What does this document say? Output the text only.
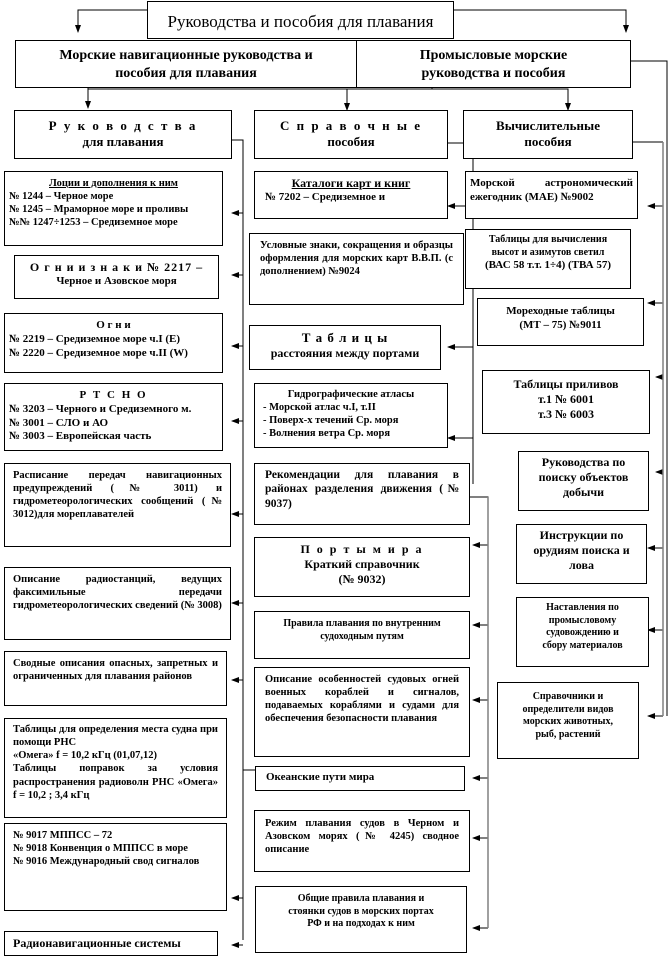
Руководства и пособия для плавания
Морские навигационные руководства и пособия для плавания
Промысловые морские руководства и пособия
Р у к о в о д с т в а
для плавания
С п р а в о ч н ы е
пособия
Вычислительные
пособия
Лоции и дополнения к ним
№ 1244 – Черное море
№ 1245 – Мраморное море и проливы
№№ 1247÷1253 – Средиземное море
О г н и и з н а к и № 2217 –
Черное и Азовское моря
О г н и
№ 2219 – Средиземное море ч.I (E)
№ 2220 – Средиземное море ч.II (W)
Р Т С Н О
№ 3203 – Черного и Средиземного м.
№ 3001 – СЛО и АО
№ 3003 – Европейская часть
Расписание передач навигационных предупреждений (№ 3011) и гидрометеорологических сообщений (№ 3012)для мореплавателей
Описание радиостанций, ведущих факсимильные передачи гидрометеорологических сведений (№ 3008)
Сводные описания опасных, запретных и ограниченных для плавания районов
Таблицы для определения места судна при помощи РНС
«Омега» f = 10,2 кГц (01,07,12)
Таблицы поправок за условия распространения радиоволн РНС «Омега» f = 10,2 ; 3,4 кГц
№ 9017 МППСС – 72
№ 9018 Конвенция о МППСС в море
№ 9016 Международный свод сигналов
Радионавигационные системы
Каталоги карт и книг
№ 7202 – Средиземное и
Условные знаки, сокращения и образцы оформления для морских карт В.В.П. (с дополнением) №9024
Т а б л и ц ы
расстояния между портами
Гидрографические атласы
- Морской атлас ч.I, т.II
- Поверх-х течений Ср. моря
- Волнения ветра Ср. моря
Рекомендации для плавания в районах разделения движения (№ 9037)
П о р т ы м и р а
Краткий справочник
(№ 9032)
Правила плавания по внутренним судоходным путям
Описание особенностей судовых огней военных кораблей и сигналов, подаваемых кораблями и судами для обеспечения безопасности плавания
Океанские пути мира
Режим плавания судов в Черном и Азовском морях (№ 4245) сводное описание
Общие правила плавания и
стоянки судов в морских портах
РФ и на подходах к ним
Морской астрономический ежегодник (МАЕ) №9002
Таблицы для вычисления
высот и азимутов светил
(ВАС 58 т.т. 1÷4) (ТВА 57)
Мореходные таблицы
(МТ – 75) №9011
Таблицы приливов
т.1 № 6001
т.3 № 6003
Руководства по
поиску объектов
добычи
Инструкции по
орудиям поиска и
лова
Наставления по
промысловому
судовождению и
сбору материалов
Справочники и
определители видов
морских животных,
рыб, растений
